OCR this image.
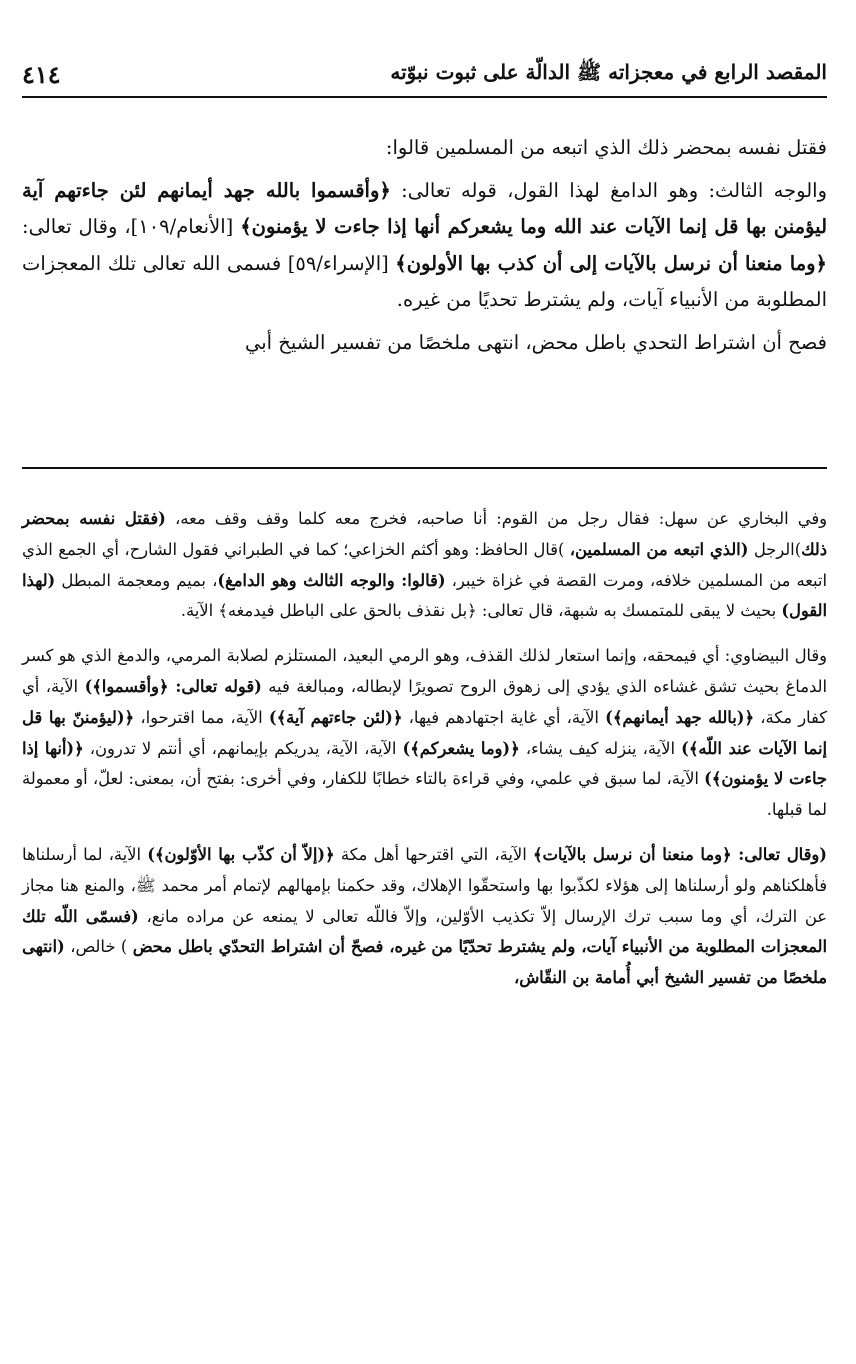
المقصد الرابع في معجزاته ﷺ الدالّة على ثبوت نبوّته
٤١٤

فقتل نفسه بمحضر ذلك الذي اتبعه من المسلمين قالوا:

والوجه الثالث: وهو الدامغ لهذا القول، قوله تعالى: ﴿وأقسموا بالله جهد أيمانهم لئن جاءتهم آية ليؤمنن بها قل إنما الآيات عند الله وما يشعركم أنها إذا جاءت لا يؤمنون﴾ [الأنعام/١٠٩]، وقال تعالى: ﴿وما منعنا أن نرسل بالآيات إلى أن كذب بها الأولون﴾ [الإسراء/٥٩] فسمى الله تعالى تلك المعجزات المطلوبة من الأنبياء آيات، ولم يشترط تحديًا من غيره.

فصح أن اشتراط التحدي باطل محض، انتهى ملخصًا من تفسير الشيخ أبي

وفي البخاري عن سهل: فقال رجل من القوم: أنا صاحبه، فخرج معه كلما وقف وقف معه، (فقتل نفسه بمحضر ذلك)الرجل (الذي اتبعه من المسلمين، )قال الحافظ: وهو أكثم الخزاعي؛ كما في الطبراني فقول الشارح، أي الجمع الذي اتبعه من المسلمين خلافه، ومرت القصة في غزاة خيبر، (قالوا: والوجه الثالث وهو الدامغ)، بميم ومعجمة المبطل (لهذا القول) بحيث لا يبقى للمتمسك به شبهة، قال تعالى: ﴿بل نقذف بالحق على الباطل فيدمغه﴾ الآية.

وقال البيضاوي: أي فيمحقه، وإنما استعار لذلك القذف، وهو الرمي البعيد، المستلزم لصلابة المرمي، والدمغ الذي هو كسر الدماغ بحيث تشق غشاءه الذي يؤدي إلى زهوق الروح تصويرًا لإبطاله، ومبالغة فيه (قوله تعالى: ﴿وأقسموا﴾) الآية، أي كفار مكة، ﴿(بالله جهد أيمانهم﴾) الآية، أي غاية اجتهادهم فيها، ﴿(لئن جاءتهم آية﴾) الآية، مما اقترحوا، ﴿(ليؤمننّ بها قل إنما الآيات عند اللّه﴾) الآية، ينزله كيف يشاء، ﴿(وما يشعركم﴾) الآية، الآية، يدريكم بإيمانهم، أي أنتم لا تدرون، ﴿(أنها إذا جاءت لا يؤمنون﴾) الآية، لما سبق في علمي، وفي قراءة بالتاء خطابًا للكفار، وفي أخرى: بفتح أن، بمعنى: لعلّ، أو معمولة لما قبلها.

(وقال تعالى: ﴿وما منعنا أن نرسل بالآيات﴾ الآية، التي اقترحها أهل مكة ﴿(إلاّ أن كذّب بها الأوّلون﴾) الآية، لما أرسلناها فأهلكناهم ولو أرسلناها إلى هؤلاء لكذّبوا بها واستحقّوا الإهلاك، وقد حكمنا بإمهالهم لإتمام أمر محمد ﷺ، والمنع هنا مجاز عن الترك، أي وما سبب ترك الإرسال إلاّ تكذيب الأوّلين، وإلاّ فاللّه تعالى لا يمنعه عن مراده مانع، (فسمّى اللّه تلك المعجزات المطلوبة من الأنبياء آيات، ولم يشترط تحدّيًا من غيره، فصحّ أن اشتراط التحدّي باطل محض ) خالص، (انتهى ملخصًا من تفسير الشيخ أبي أُمامة بن النقّاش،
